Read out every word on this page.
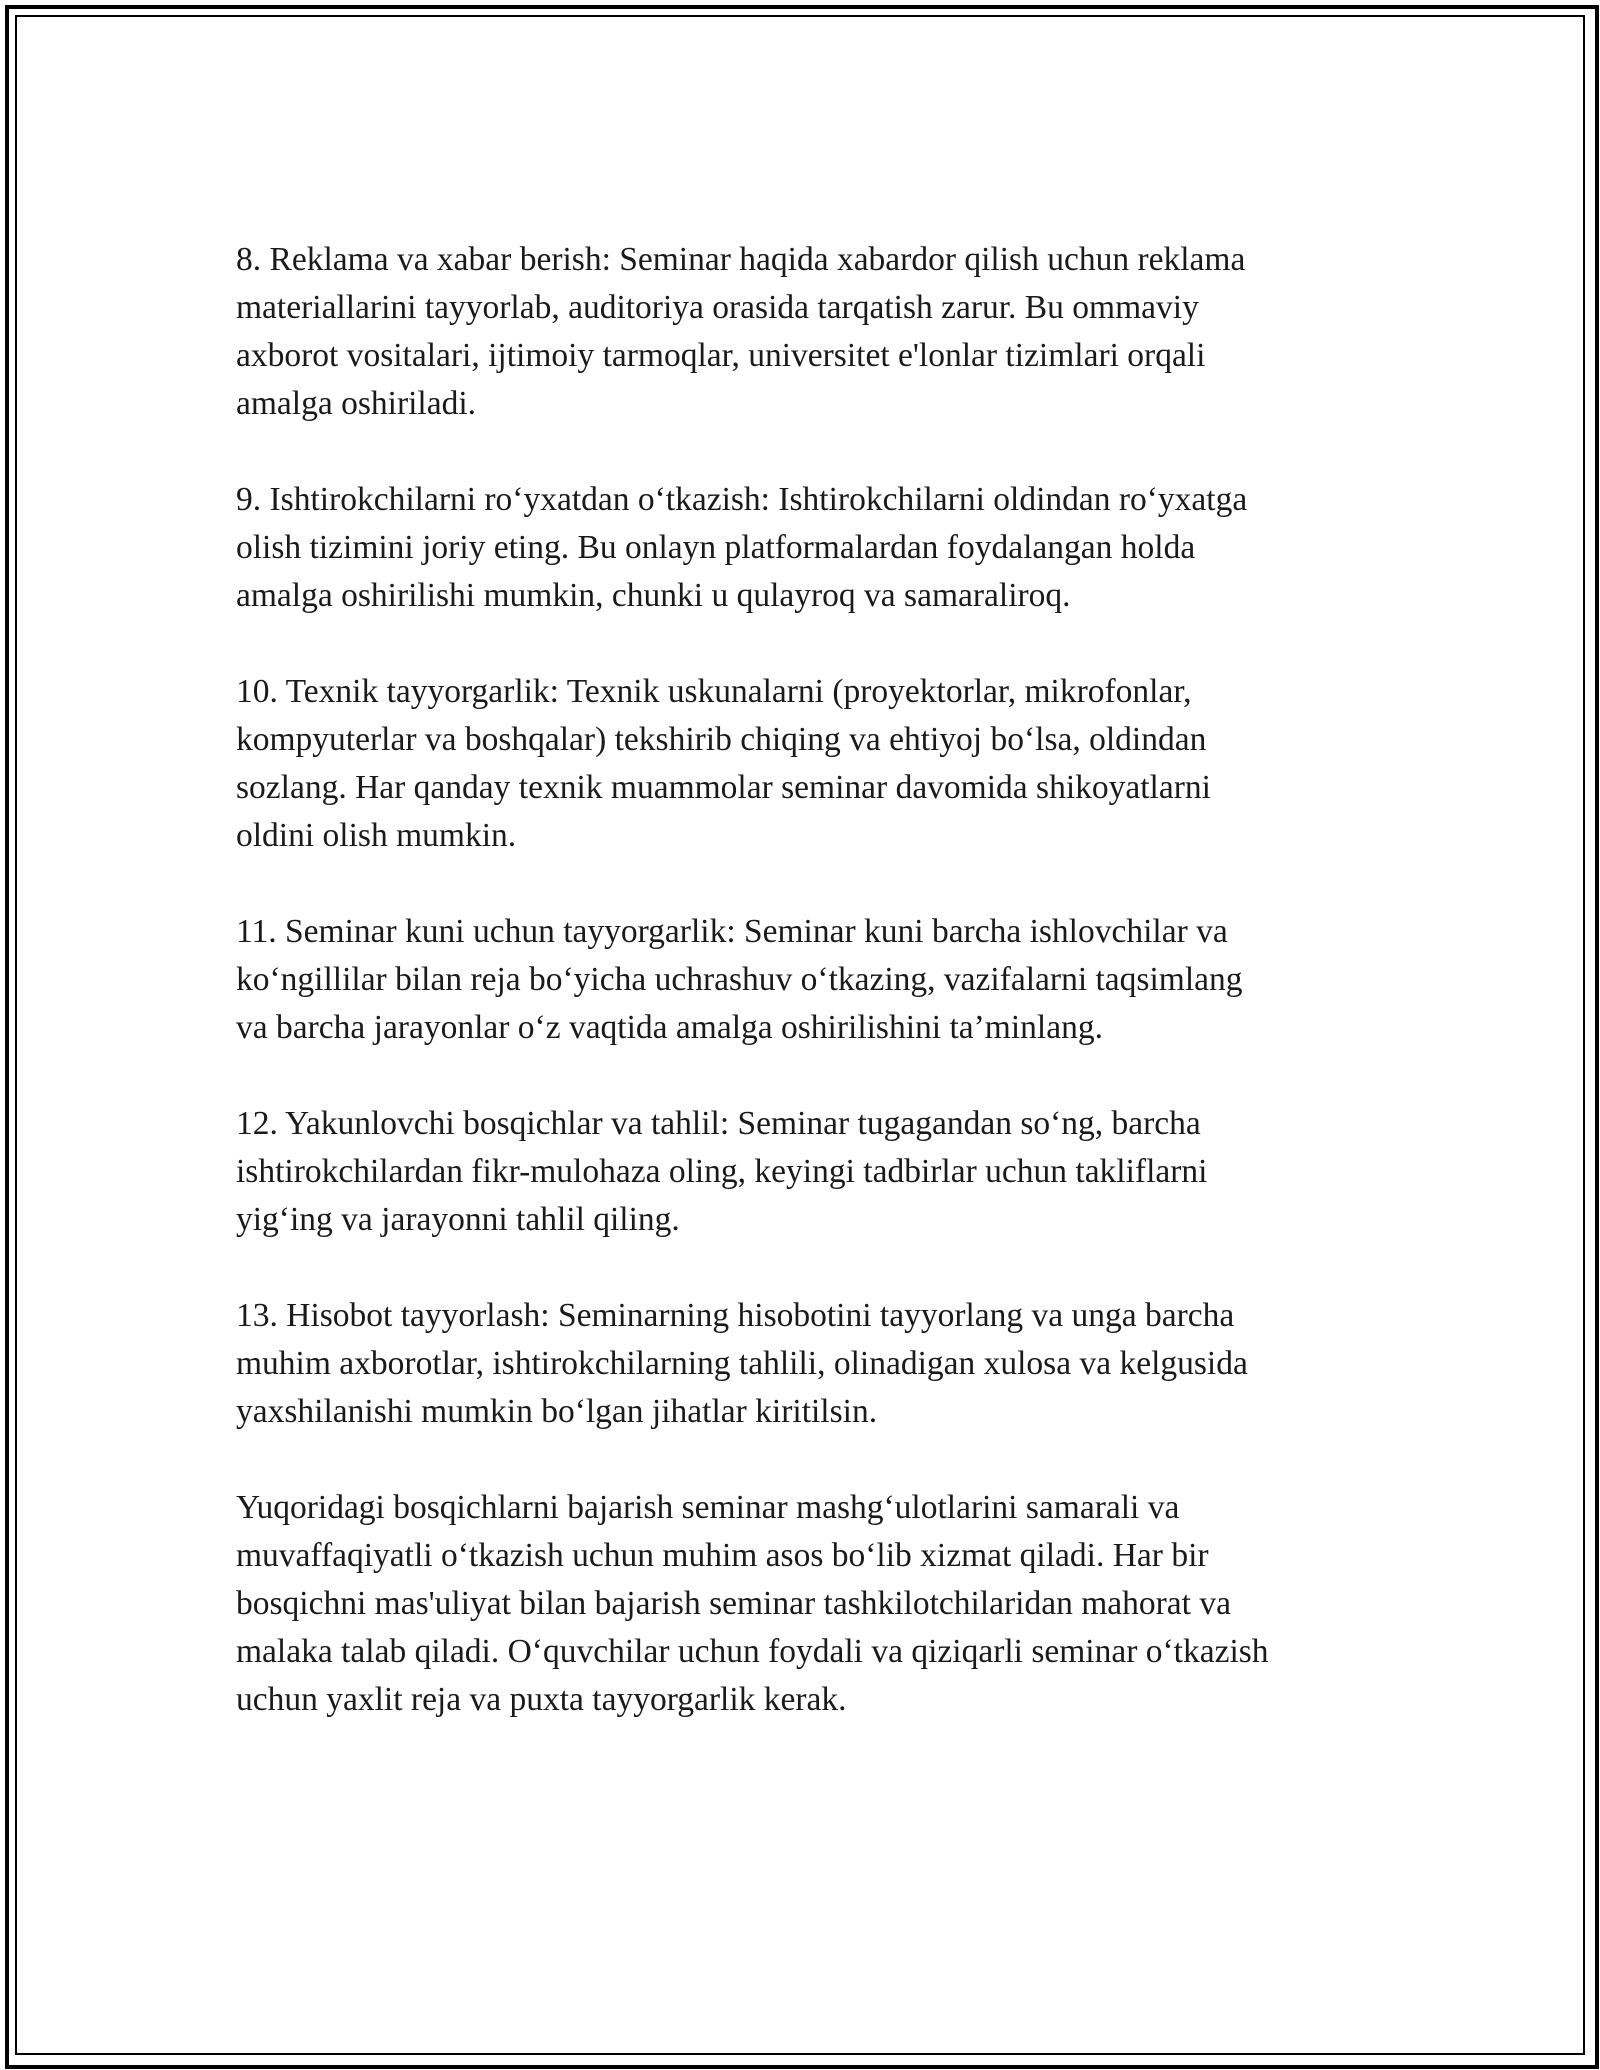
8. Reklama va xabar berish: Seminar haqida xabardor qilish uchun reklama
materiallarini tayyorlab, auditoriya orasida tarqatish zarur. Bu ommaviy
axborot vositalari, ijtimoiy tarmoqlar, universitet e'lonlar tizimlari orqali
amalga oshiriladi.

9. Ishtirokchilarni ro‘yxatdan o‘tkazish: Ishtirokchilarni oldindan ro‘yxatga
olish tizimini joriy eting. Bu onlayn platformalardan foydalangan holda
amalga oshirilishi mumkin, chunki u qulayroq va samaraliroq.

10. Texnik tayyorgarlik: Texnik uskunalarni (proyektorlar, mikrofonlar,
kompyuterlar va boshqalar) tekshirib chiqing va ehtiyoj bo‘lsa, oldindan
sozlang. Har qanday texnik muammolar seminar davomida shikoyatlarni
oldini olish mumkin.

11. Seminar kuni uchun tayyorgarlik: Seminar kuni barcha ishlovchilar va
ko‘ngillilar bilan reja bo‘yicha uchrashuv o‘tkazing, vazifalarni taqsimlang
va barcha jarayonlar o‘z vaqtida amalga oshirilishini ta’minlang.

12. Yakunlovchi bosqichlar va tahlil: Seminar tugagandan so‘ng, barcha
ishtirokchilardan fikr-mulohaza oling, keyingi tadbirlar uchun takliflarni
yig‘ing va jarayonni tahlil qiling.

13. Hisobot tayyorlash: Seminarning hisobotini tayyorlang va unga barcha
muhim axborotlar, ishtirokchilarning tahlili, olinadigan xulosa va kelgusida
yaxshilanishi mumkin bo‘lgan jihatlar kiritilsin.

Yuqoridagi bosqichlarni bajarish seminar mashg‘ulotlarini samarali va
muvaffaqiyatli o‘tkazish uchun muhim asos bo‘lib xizmat qiladi. Har bir
bosqichni mas'uliyat bilan bajarish seminar tashkilotchilaridan mahorat va
malaka talab qiladi. O‘quvchilar uchun foydali va qiziqarli seminar o‘tkazish
uchun yaxlit reja va puxta tayyorgarlik kerak.
